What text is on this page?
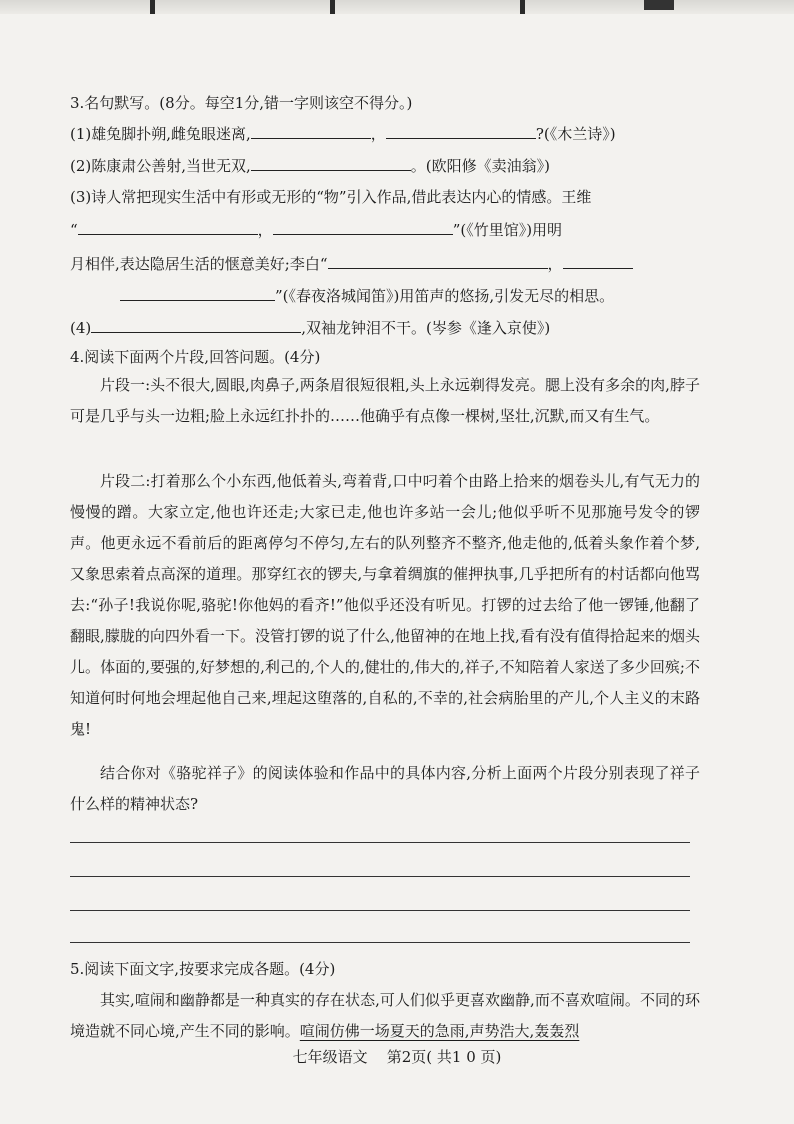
3.名句默写。(8分。每空1分,错一字则该空不得分。)
(1)雄兔脚扑朔,雌兔眼迷离,	，	?(《木兰诗》)
(2)陈康肃公善射,当世无双,	。(欧阳修《卖油翁》)
(3)诗人常把现实生活中有形或无形的“物”引入作品,借此表达内心的情感。王维
“	，	”(《竹里馆》)用明
月相伴,表达隐居生活的惬意美好;李白“	，
”(《春夜洛城闻笛》)用笛声的悠扬,引发无尽的相思。
(4)	,双袖龙钟泪不干。(岑参《逢入京使》)
4.阅读下面两个片段,回答问题。(4分)
片段一:头不很大,圆眼,肉鼻子,两条眉很短很粗,头上永远剃得发亮。腮上没有多余的肉,脖子可是几乎与头一边粗;脸上永远红扑扑的……他确乎有点像一棵树,坚壮,沉默,而又有生气。
片段二:打着那么个小东西,他低着头,弯着背,口中叼着个由路上拾来的烟卷头儿,有气无力的慢慢的蹭。大家立定,他也许还走;大家已走,他也许多站一会儿;他似乎听不见那施号发令的锣声。他更永远不看前后的距离停匀不停匀,左右的队列整齐不整齐,他走他的,低着头象作着个梦,又象思索着点高深的道理。那穿红衣的锣夫,与拿着绸旗的催押执事,几乎把所有的村话都向他骂去:“孙子!我说你呢,骆驼!你他妈的看齐!”他似乎还没有听见。打锣的过去给了他一锣锤,他翻了翻眼,朦胧的向四外看一下。没管打锣的说了什么,他留神的在地上找,看有没有值得拾起来的烟头儿。体面的,要强的,好梦想的,利己的,个人的,健壮的,伟大的,祥子,不知陪着人家送了多少回殡;不知道何时何地会埋起他自己来,埋起这堕落的,自私的,不幸的,社会病胎里的产儿,个人主义的末路鬼!
结合你对《骆驼祥子》的阅读体验和作品中的具体内容,分析上面两个片段分别表现了祥子什么样的精神状态?
5.阅读下面文字,按要求完成各题。(4分)
其实,喧闹和幽静都是一种真实的存在状态,可人们似乎更喜欢幽静,而不喜欢喧闹。不同的环境造就不同心境,产生不同的影响。喧闹仿佛一场夏天的急雨,声势浩大,轰轰烈
七年级语文    第2页( 共1 0 页)
